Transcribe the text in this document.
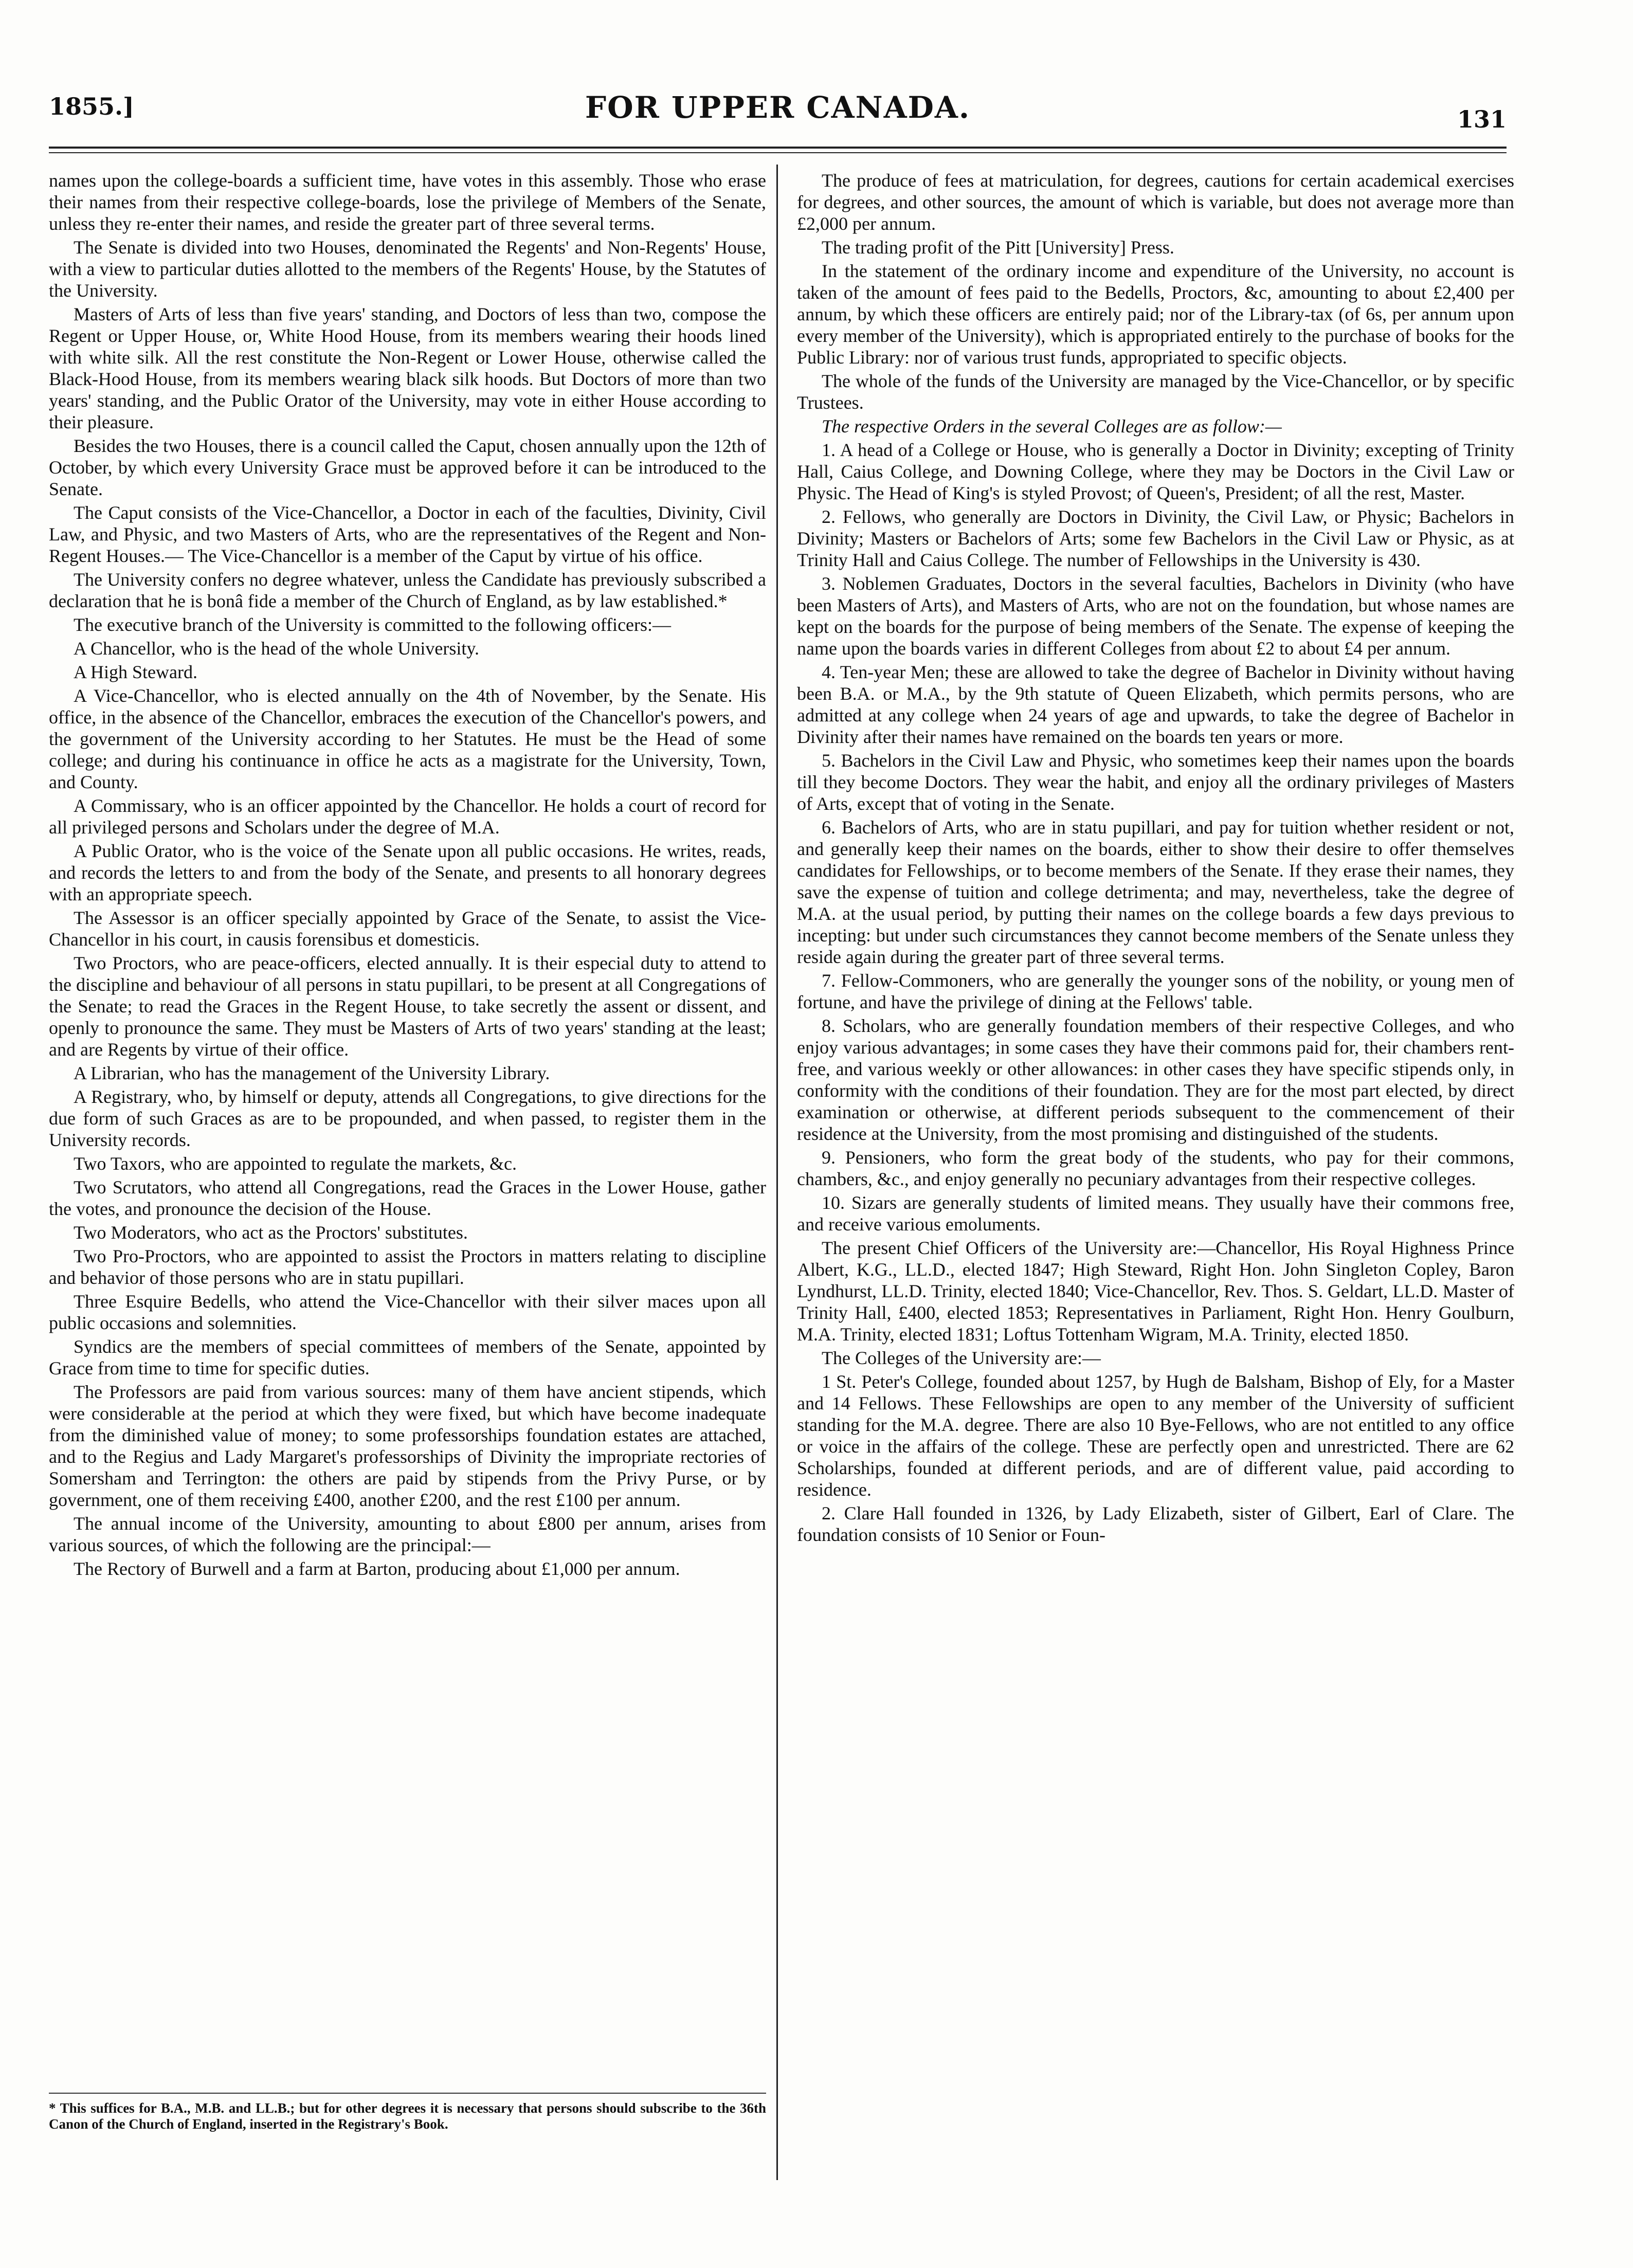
1855.]	FOR UPPER CANADA.	131

names upon the college-boards a sufficient time, have votes in this assembly. Those who erase their names from their respective college-boards, lose the privilege of Members of the Senate, unless they re-enter their names, and reside the greater part of three several terms.

The Senate is divided into two Houses, denominated the Regents' and Non-Regents' House, with a view to particular duties allotted to the members of the Regents' House, by the Statutes of the University.

Masters of Arts of less than five years' standing, and Doctors of less than two, compose the Regent or Upper House, or, White Hood House, from its members wearing their hoods lined with white silk. All the rest constitute the Non-Regent or Lower House, otherwise called the Black-Hood House, from its members wearing black silk hoods. But Doctors of more than two years' standing, and the Public Orator of the University, may vote in either House according to their pleasure.

Besides the two Houses, there is a council called the Caput, chosen annually upon the 12th of October, by which every University Grace must be approved before it can be introduced to the Senate.

The Caput consists of the Vice-Chancellor, a Doctor in each of the faculties, Divinity, Civil Law, and Physic, and two Masters of Arts, who are the representatives of the Regent and Non-Regent Houses.— The Vice-Chancellor is a member of the Caput by virtue of his office.

The University confers no degree whatever, unless the Candidate has previously subscribed a declaration that he is bonâ fide a member of the Church of England, as by law established.*

The executive branch of the University is committed to the following officers:—

A Chancellor, who is the head of the whole University.

A High Steward.

A Vice-Chancellor, who is elected annually on the 4th of November, by the Senate. His office, in the absence of the Chancellor, embraces the execution of the Chancellor's powers, and the government of the University according to her Statutes. He must be the Head of some college; and during his continuance in office he acts as a magistrate for the University, Town, and County.

A Commissary, who is an officer appointed by the Chancellor. He holds a court of record for all privileged persons and Scholars under the degree of M.A.

A Public Orator, who is the voice of the Senate upon all public occasions. He writes, reads, and records the letters to and from the body of the Senate, and presents to all honorary degrees with an appropriate speech.

The Assessor is an officer specially appointed by Grace of the Senate, to assist the Vice-Chancellor in his court, in causis forensibus et domesticis.

Two Proctors, who are peace-officers, elected annually. It is their especial duty to attend to the discipline and behaviour of all persons in statu pupillari, to be present at all Congregations of the Senate; to read the Graces in the Regent House, to take secretly the assent or dissent, and openly to pronounce the same. They must be Masters of Arts of two years' standing at the least; and are Regents by virtue of their office.

A Librarian, who has the management of the University Library.

A Registrary, who, by himself or deputy, attends all Congregations, to give directions for the due form of such Graces as are to be propounded, and when passed, to register them in the University records.

Two Taxors, who are appointed to regulate the markets, &c.

Two Scrutators, who attend all Congregations, read the Graces in the Lower House, gather the votes, and pronounce the decision of the House.

Two Moderators, who act as the Proctors' substitutes.

Two Pro-Proctors, who are appointed to assist the Proctors in matters relating to discipline and behavior of those persons who are in statu pupillari.

Three Esquire Bedells, who attend the Vice-Chancellor with their silver maces upon all public occasions and solemnities.

Syndics are the members of special committees of members of the Senate, appointed by Grace from time to time for specific duties.

The Professors are paid from various sources: many of them have ancient stipends, which were considerable at the period at which they were fixed, but which have become inadequate from the diminished value of money; to some professorships foundation estates are attached, and to the Regius and Lady Margaret's professorships of Divinity the impropriate rectories of Somersham and Terrington: the others are paid by stipends from the Privy Purse, or by government, one of them receiving £400, another £200, and the rest £100 per annum.

The annual income of the University, amounting to about £800 per annum, arises from various sources, of which the following are the principal:—

The Rectory of Burwell and a farm at Barton, producing about £1,000 per annum.

The produce of fees at matriculation, for degrees, cautions for certain academical exercises for degrees, and other sources, the amount of which is variable, but does not average more than £2,000 per annum.

The trading profit of the Pitt [University] Press.

In the statement of the ordinary income and expenditure of the University, no account is taken of the amount of fees paid to the Bedells, Proctors, &c, amounting to about £2,400 per annum, by which these officers are entirely paid; nor of the Library-tax (of 6s, per annum upon every member of the University), which is appropriated entirely to the purchase of books for the Public Library: nor of various trust funds, appropriated to specific objects.

The whole of the funds of the University are managed by the Vice-Chancellor, or by specific Trustees.

The respective Orders in the several Colleges are as follow:—

1. A head of a College or House, who is generally a Doctor in Divinity; excepting of Trinity Hall, Caius College, and Downing College, where they may be Doctors in the Civil Law or Physic. The Head of King's is styled Provost; of Queen's, President; of all the rest, Master.

2. Fellows, who generally are Doctors in Divinity, the Civil Law, or Physic; Bachelors in Divinity; Masters or Bachelors of Arts; some few Bachelors in the Civil Law or Physic, as at Trinity Hall and Caius College. The number of Fellowships in the University is 430.

3. Noblemen Graduates, Doctors in the several faculties, Bachelors in Divinity (who have been Masters of Arts), and Masters of Arts, who are not on the foundation, but whose names are kept on the boards for the purpose of being members of the Senate. The expense of keeping the name upon the boards varies in different Colleges from about £2 to about £4 per annum.

4. Ten-year Men; these are allowed to take the degree of Bachelor in Divinity without having been B.A. or M.A., by the 9th statute of Queen Elizabeth, which permits persons, who are admitted at any college when 24 years of age and upwards, to take the degree of Bachelor in Divinity after their names have remained on the boards ten years or more.

5. Bachelors in the Civil Law and Physic, who sometimes keep their names upon the boards till they become Doctors. They wear the habit, and enjoy all the ordinary privileges of Masters of Arts, except that of voting in the Senate.

6. Bachelors of Arts, who are in statu pupillari, and pay for tuition whether resident or not, and generally keep their names on the boards, either to show their desire to offer themselves candidates for Fellowships, or to become members of the Senate. If they erase their names, they save the expense of tuition and college detrimenta; and may, nevertheless, take the degree of M.A. at the usual period, by putting their names on the college boards a few days previous to incepting: but under such circumstances they cannot become members of the Senate unless they reside again during the greater part of three several terms.

7. Fellow-Commoners, who are generally the younger sons of the nobility, or young men of fortune, and have the privilege of dining at the Fellows' table.

8. Scholars, who are generally foundation members of their respective Colleges, and who enjoy various advantages; in some cases they have their commons paid for, their chambers rent-free, and various weekly or other allowances: in other cases they have specific stipends only, in conformity with the conditions of their foundation. They are for the most part elected, by direct examination or otherwise, at different periods subsequent to the commencement of their residence at the University, from the most promising and distinguished of the students.

9. Pensioners, who form the great body of the students, who pay for their commons, chambers, &c., and enjoy generally no pecuniary advantages from their respective colleges.

10. Sizars are generally students of limited means. They usually have their commons free, and receive various emoluments.

The present Chief Officers of the University are:—Chancellor, His Royal Highness Prince Albert, K.G., LL.D., elected 1847; High Steward, Right Hon. John Singleton Copley, Baron Lyndhurst, LL.D. Trinity, elected 1840; Vice-Chancellor, Rev. Thos. S. Geldart, LL.D. Master of Trinity Hall, £400, elected 1853; Representatives in Parliament, Right Hon. Henry Goulburn, M.A. Trinity, elected 1831; Loftus Tottenham Wigram, M.A. Trinity, elected 1850.

The Colleges of the University are:—

1 St. Peter's College, founded about 1257, by Hugh de Balsham, Bishop of Ely, for a Master and 14 Fellows. These Fellowships are open to any member of the University of sufficient standing for the M.A. degree. There are also 10 Bye-Fellows, who are not entitled to any office or voice in the affairs of the college. These are perfectly open and unrestricted. There are 62 Scholarships, founded at different periods, and are of different value, paid according to residence.

2. Clare Hall founded in 1326, by Lady Elizabeth, sister of Gilbert, Earl of Clare. The foundation consists of 10 Senior or Foun-

* This suffices for B.A., M.B. and LL.B.; but for other degrees it is necessary that persons should subscribe to the 36th Canon of the Church of England, inserted in the Registrary's Book.
